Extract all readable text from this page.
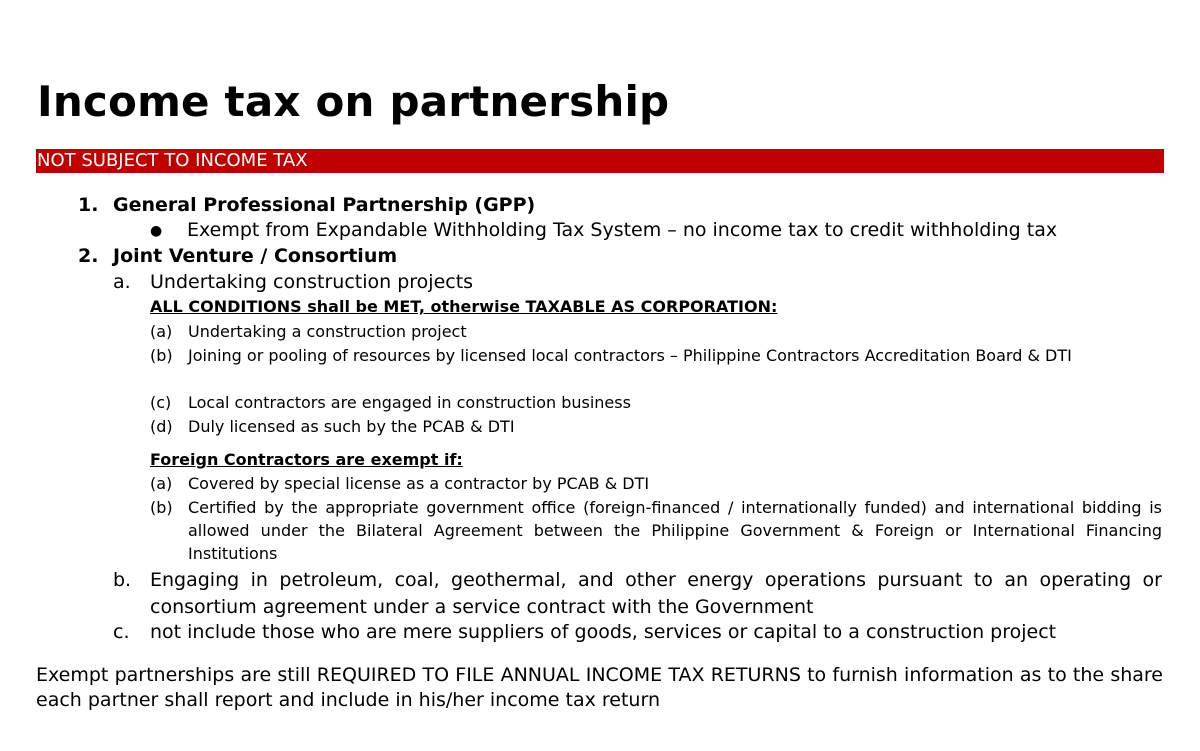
Income tax on partnership
NOT SUBJECT TO INCOME TAX
1. General Professional Partnership (GPP)
● Exempt from Expandable Withholding Tax System – no income tax to credit withholding tax
2. Joint Venture / Consortium
a. Undertaking construction projects
ALL CONDITIONS shall be MET, otherwise TAXABLE AS CORPORATION:
(a) Undertaking a construction project
(b) Joining or pooling of resources by licensed local contractors – Philippine Contractors Accreditation Board & DTI
(c) Local contractors are engaged in construction business
(d) Duly licensed as such by the PCAB & DTI
Foreign Contractors are exempt if:
(a) Covered by special license as a contractor by PCAB & DTI
(b) Certified by the appropriate government office (foreign-financed / internationally funded) and international bidding is allowed under the Bilateral Agreement between the Philippine Government & Foreign or International Financing Institutions
b. Engaging in petroleum, coal, geothermal, and other energy operations pursuant to an operating or consortium agreement under a service contract with the Government
c. not include those who are mere suppliers of goods, services or capital to a construction project

Exempt partnerships are still REQUIRED TO FILE ANNUAL INCOME TAX RETURNS to furnish information as to the share each partner shall report and include in his/her income tax return
